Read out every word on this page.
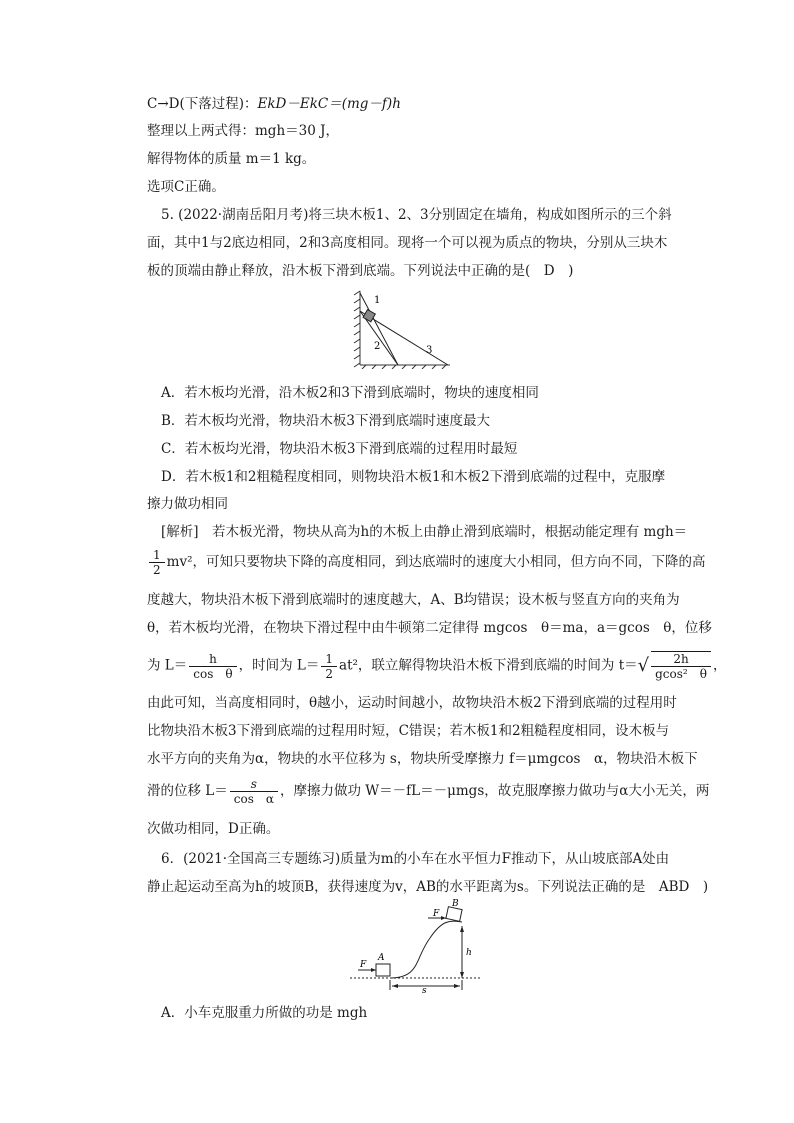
C→D(下落过程)：EkD－EkC＝(mg－f)h
整理以上两式得：mgh＝30 J，
解得物体的质量 m＝1 kg。
选项C正确。
5. (2022·湖南岳阳月考)将三块木板1、2、3分别固定在墙角，构成如图所示的三个斜
面，其中1与2底边相同，2和3高度相同。现将一个可以视为质点的物块，分别从三块木
板的顶端由静止释放，沿木板下滑到底端。下列说法中正确的是(　D　)
1
2	3
A．若木板均光滑，沿木板2和3下滑到底端时，物块的速度相同
B．若木板均光滑，物块沿木板3下滑到底端时速度最大
C．若木板均光滑，物块沿木板3下滑到底端的过程用时最短
D．若木板1和2粗糙程度相同，则物块沿木板1和木板2下滑到底端的过程中，克服摩
擦力做功相同
[解析]　若木板光滑，物块从高为h的木板上由静止滑到底端时，根据动能定理有 mgh＝
$\frac{1}{2} mv^2$，可知只要物块下降的高度相同，到达底端时的速度大小相同，但方向不同，下降的高
度越大，物块沿木板下滑到底端时的速度越大，A、B均错误；设木板与竖直方向的夹角为
θ，若木板均光滑，在物块下滑过程中由牛顿第二定律得 mgcos　θ＝ma，a＝gcos　θ，位移
为 $L= \frac{h}{\text{cos　θ}}$ ，时间为 $L= \frac{1}{2} at^2$，联立解得物块沿木板下滑到底端的时间为 $t=√ \frac{2h}{\text{gcos²　θ}}$ ，
由此可知，当高度相同时，θ越小，运动时间越小，故物块沿木板2下滑到底端的过程用时
比物块沿木板3下滑到底端的过程用时短，C错误；若木板1和2粗糙程度相同，设木板与
水平方向的夹角为α，物块的水平位移为 s，物块所受摩擦力 f＝μmgcos　α，物块沿木板下
滑的位移 $L= \frac{s}{\text{cos　α}}$ ，摩擦力做功 W＝－fL＝－μmgs，故克服摩擦力做功与α大小无关，两
次做功相同，D正确。
6．(2021·全国高三专题练习)质量为m的小车在水平恒力F推动下，从山坡底部A处由
静止起运动至高为h的坡顶B，获得速度为v，AB的水平距离为s。下列说法正确的是　ABD　)
F
A
F
B
h
s
A．小车克服重力所做的功是 mgh
